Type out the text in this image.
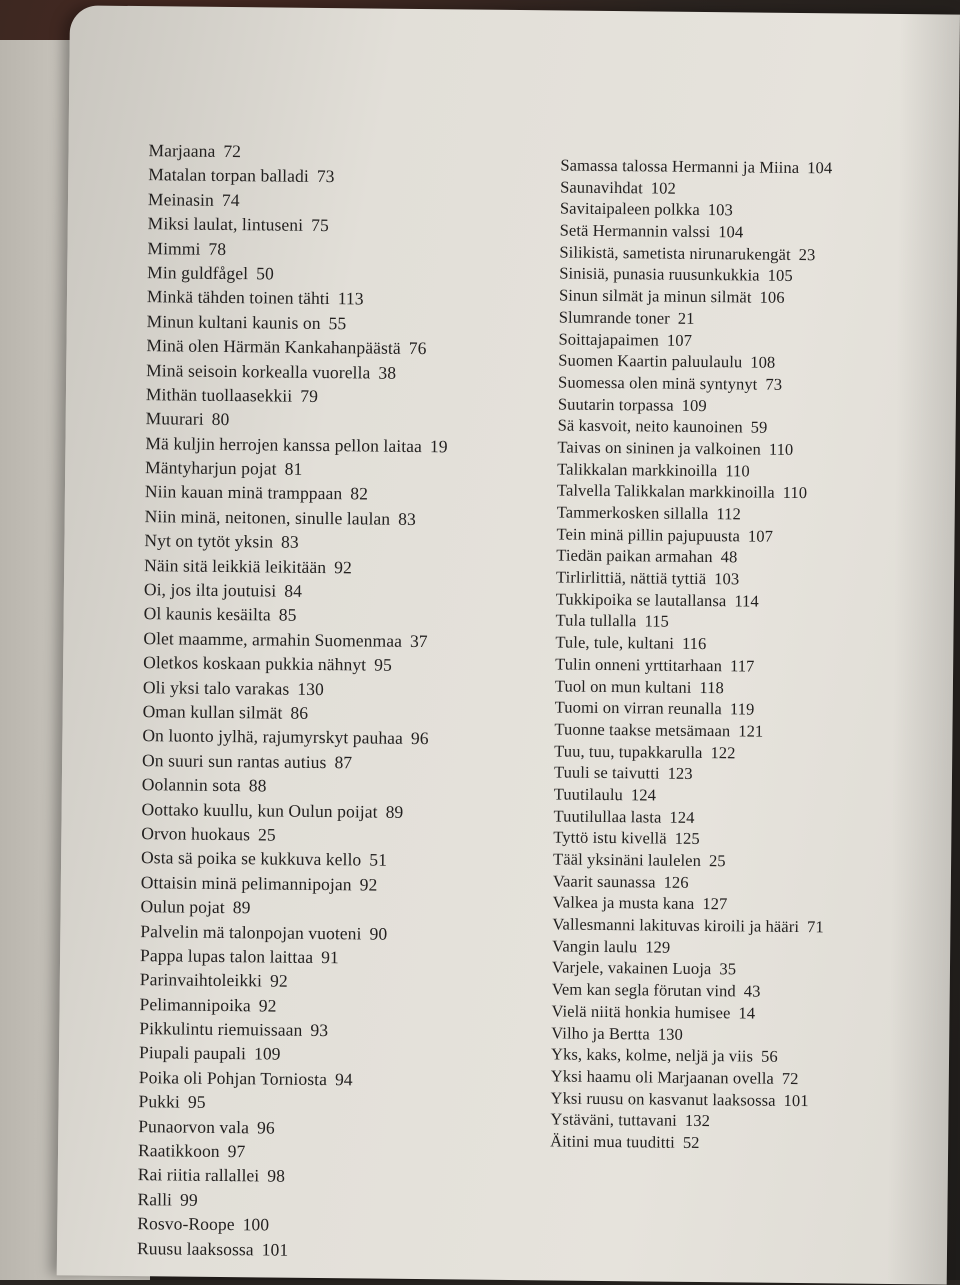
Marjaana 72
Matalan torpan balladi 73
Meinasin 74
Miksi laulat, lintuseni 75
Mimmi 78
Min guldfågel 50
Minkä tähden toinen tähti 113
Minun kultani kaunis on 55
Minä olen Härmän Kankahanpäästä 76
Minä seisoin korkealla vuorella 38
Mithän tuollaasekkii 79
Muurari 80
Mä kuljin herrojen kanssa pellon laitaa 19
Mäntyharjun pojat 81
Niin kauan minä tramppaan 82
Niin minä, neitonen, sinulle laulan 83
Nyt on tytöt yksin 83
Näin sitä leikkiä leikitään 92
Oi, jos ilta joutuisi 84
Ol kaunis kesäilta 85
Olet maamme, armahin Suomenmaa 37
Oletkos koskaan pukkia nähnyt 95
Oli yksi talo varakas 130
Oman kullan silmät 86
On luonto jylhä, rajumyrskyt pauhaa 96
On suuri sun rantas autius 87
Oolannin sota 88
Oottako kuullu, kun Oulun poijat 89
Orvon huokaus 25
Osta sä poika se kukkuva kello 51
Ottaisin minä pelimannipojan 92
Oulun pojat 89
Palvelin mä talonpojan vuoteni 90
Pappa lupas talon laittaa 91
Parinvaihtoleikki 92
Pelimannipoika 92
Pikkulintu riemuissaan 93
Piupali paupali 109
Poika oli Pohjan Torniosta 94
Pukki 95
Punaorvon vala 96
Raatikkoon 97
Rai riitia rallallei 98
Ralli 99
Rosvo-Roope 100
Ruusu laaksossa 101
Samassa talossa Hermanni ja Miina 104
Saunavihdat 102
Savitaipaleen polkka 103
Setä Hermannin valssi 104
Silikistä, sametista nirunarukengät 23
Sinisiä, punasia ruusunkukkia 105
Sinun silmät ja minun silmät 106
Slumrande toner 21
Soittajapaimen 107
Suomen Kaartin paluulaulu 108
Suomessa olen minä syntynyt 73
Suutarin torpassa 109
Sä kasvoit, neito kaunoinen 59
Taivas on sininen ja valkoinen 110
Talikkalan markkinoilla 110
Talvella Talikkalan markkinoilla 110
Tammerkosken sillalla 112
Tein minä pillin pajupuusta 107
Tiedän paikan armahan 48
Tirlirlittiä, nättiä tyttiä 103
Tukkipoika se lautallansa 114
Tula tullalla 115
Tule, tule, kultani 116
Tulin onneni yrttitarhaan 117
Tuol on mun kultani 118
Tuomi on virran reunalla 119
Tuonne taakse metsämaan 121
Tuu, tuu, tupakkarulla 122
Tuuli se taivutti 123
Tuutilaulu 124
Tuutilullaa lasta 124
Tyttö istu kivellä 125
Tääl yksinäni laulelen 25
Vaarit saunassa 126
Valkea ja musta kana 127
Vallesmanni lakituvas kiroili ja hääri 71
Vangin laulu 129
Varjele, vakainen Luoja 35
Vem kan segla förutan vind 43
Vielä niitä honkia humisee 14
Vilho ja Bertta 130
Yks, kaks, kolme, neljä ja viis 56
Yksi haamu oli Marjaanan ovella 72
Yksi ruusu on kasvanut laaksossa 101
Ystäväni, tuttavani 132
Äitini mua tuuditti 52
